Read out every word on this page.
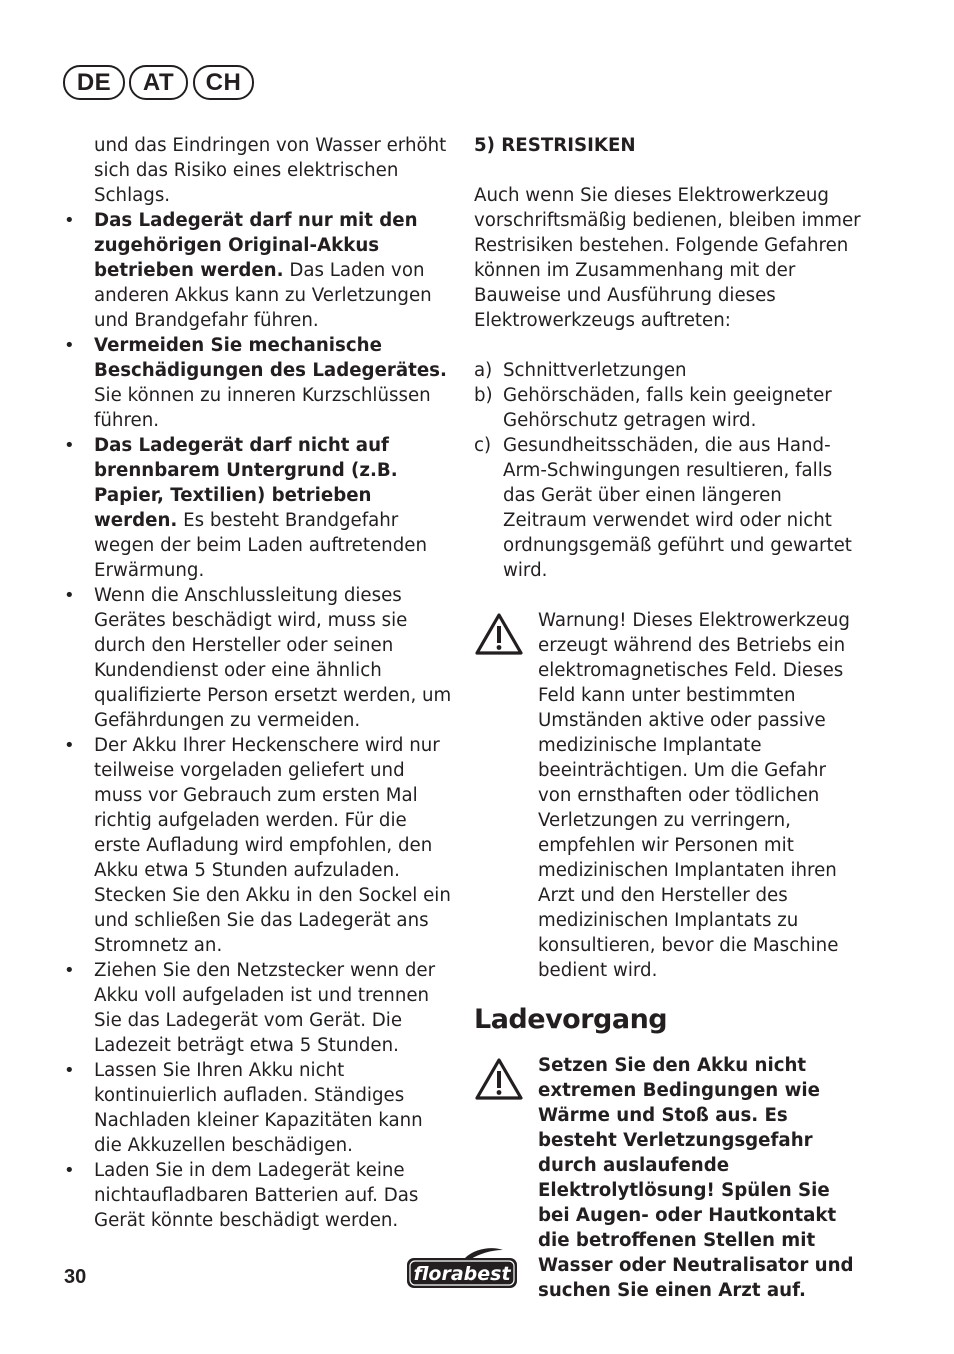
DE	AT	CH

und das Eindringen von Wasser erhöht sich das Risiko eines elektrischen Schlags.

• Das Ladegerät darf nur mit den zugehörigen Original-Akkus betrieben werden. Das Laden von anderen Akkus kann zu Verletzungen und Brandgefahr führen.
• Vermeiden Sie mechanische Beschädigungen des Ladegerätes. Sie können zu inneren Kurzschlüssen führen.
• Das Ladegerät darf nicht auf brennbarem Untergrund (z.B. Papier, Textilien) betrieben werden. Es besteht Brandgefahr wegen der beim Laden auftretenden Erwärmung.
• Wenn die Anschlussleitung dieses Gerätes beschädigt wird, muss sie durch den Hersteller oder seinen Kundendienst oder eine ähnlich qualifizierte Person ersetzt werden, um Gefährdungen zu vermeiden.
• Der Akku Ihrer Heckenschere wird nur teilweise vorgeladen geliefert und muss vor Gebrauch zum ersten Mal richtig aufgeladen werden. Für die erste Aufladung wird empfohlen, den Akku etwa 5 Stunden aufzuladen. Stecken Sie den Akku in den Sockel ein und schließen Sie das Ladegerät ans Stromnetz an.
• Ziehen Sie den Netzstecker wenn der Akku voll aufgeladen ist und trennen Sie das Ladegerät vom Gerät. Die Ladezeit beträgt etwa 5 Stunden.
• Lassen Sie Ihren Akku nicht kontinuierlich aufladen. Ständiges Nachladen kleiner Kapazitäten kann die Akkuzellen beschädigen.
• Laden Sie in dem Ladegerät keine nichtaufladbaren Batterien auf. Das Gerät könnte beschädigt werden.

5) RESTRISIKEN

Auch wenn Sie dieses Elektrowerkzeug vorschriftsmäßig bedienen, bleiben immer Restrisiken bestehen. Folgende Gefahren können im Zusammenhang mit der Bauweise und Ausführung dieses Elektrowerkzeugs auftreten:

a) Schnittverletzungen
b) Gehörschäden, falls kein geeigneter Gehörschutz getragen wird.
c) Gesundheitsschäden, die aus Hand-Arm-Schwingungen resultieren, falls das Gerät über einen längeren Zeitraum verwendet wird oder nicht ordnungsgemäß geführt und gewartet wird.

Warnung! Dieses Elektrowerkzeug erzeugt während des Betriebs ein elektromagnetisches Feld. Dieses Feld kann unter bestimmten Umständen aktive oder passive medizinische Implantate beeinträchtigen. Um die Gefahr von ernsthaften oder tödlichen Verletzungen zu verringern, empfehlen wir Personen mit medizinischen Implantaten ihren Arzt und den Hersteller des medizinischen Implantats zu konsultieren, bevor die Maschine bedient wird.

Ladevorgang

Setzen Sie den Akku nicht extremen Bedingungen wie Wärme und Stoß aus. Es besteht Verletzungsgefahr durch auslaufende Elektrolytlösung! Spülen Sie bei Augen- oder Hautkontakt die betroffenen Stellen mit Wasser oder Neutralisator und suchen Sie einen Arzt auf.

30	florabest
